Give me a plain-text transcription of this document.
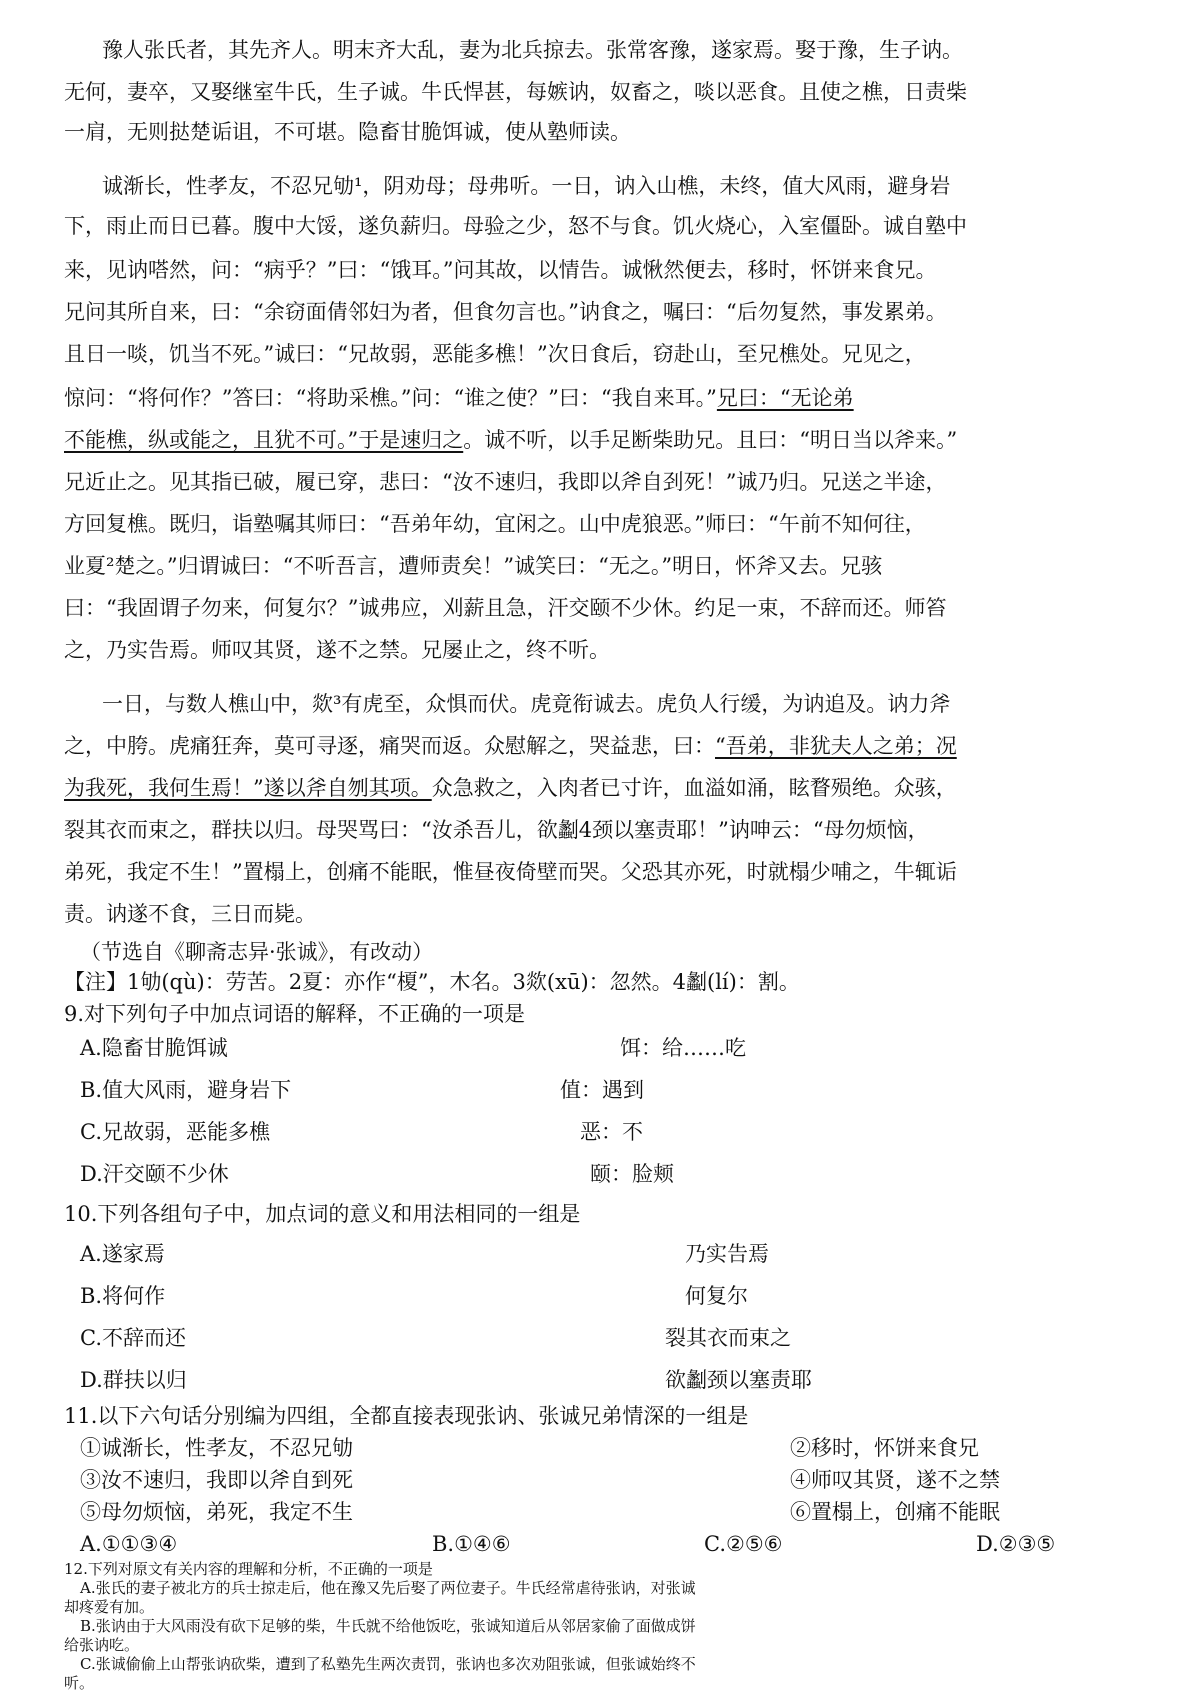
豫人张氏者，其先齐人。明末齐大乱，妻为北兵掠去。张常客豫，遂家焉。娶于豫，生子讷。
无何，妻卒，又娶继室牛氏，生子诚。牛氏悍甚，每嫉讷，奴畜之，啖以恶食。且使之樵，日责柴
一肩，无则挞楚诟诅，不可堪。隐畜甘脆饵诚，使从塾师读。
诚渐长，性孝友，不忍兄劬¹，阴劝母；母弗听。一日，讷入山樵，未终，值大风雨，避身岩
下，雨止而日已暮。腹中大馁，遂负薪归。母验之少，怒不与食。饥火烧心，入室僵卧。诚自塾中
来，见讷嗒然，问：“病乎？”曰：“饿耳。”问其故，以情告。诚愀然便去，移时，怀饼来食兄。
兄问其所自来，曰：“余窃面倩邻妇为者，但食勿言也。”讷食之，嘱曰：“后勿复然，事发累弟。
且日一啖，饥当不死。”诚曰：“兄故弱，恶能多樵！”次日食后，窃赴山，至兄樵处。兄见之，
惊问：“将何作？”答曰：“将助采樵。”问：“谁之使？”曰：“我自来耳。”兄曰：“无论弟
不能樵，纵或能之，且犹不可。”于是速归之。诚不听，以手足断柴助兄。且曰：“明日当以斧来。”
兄近止之。见其指已破，履已穿，悲曰：“汝不速归，我即以斧自刭死！”诚乃归。兄送之半途，
方回复樵。既归，诣塾嘱其师曰：“吾弟年幼，宜闲之。山中虎狼恶。”师曰：“午前不知何往，
业夏²楚之。”归谓诚曰：“不听吾言，遭师责矣！”诚笑曰：“无之。”明日，怀斧又去。兄骇
曰：“我固谓子勿来，何复尔？”诚弗应，刈薪且急，汗交颐不少休。约足一束，不辞而还。师笞
之，乃实告焉。师叹其贤，遂不之禁。兄屡止之，终不听。
一日，与数人樵山中，欻³有虎至，众惧而伏。虎竟衔诚去。虎负人行缓，为讷追及。讷力斧
之，中胯。虎痛狂奔，莫可寻逐，痛哭而返。众慰解之，哭益悲，曰：“吾弟，非犹夫人之弟；况
为我死，我何生焉！”遂以斧自刎其项。众急救之，入肉者已寸许，血溢如涌，眩瞀殒绝。众骇，
裂其衣而束之，群扶以归。母哭骂曰：“汝杀吾儿，欲劙4颈以塞责耶！”讷呻云：“母勿烦恼，
弟死，我定不生！”置榻上，创痛不能眠，惟昼夜倚壁而哭。父恐其亦死，时就榻少哺之，牛辄诟
责。讷遂不食，三日而毙。
（节选自《聊斋志异·张诚》，有改动）
【注】1劬(qù)：劳苦。2夏：亦作“榎”，木名。3欻(xū)：忽然。4劙(lí)：割。
9.对下列句子中加点词语的解释，不正确的一项是
A.隐畜甘脆饵诚	饵：给……吃
B.值大风雨，避身岩下	值：遇到
C.兄故弱，恶能多樵	恶：不
D.汗交颐不少休	颐：脸颊
10.下列各组句子中，加点词的意义和用法相同的一组是
A.遂家焉	乃实告焉
B.将何作	何复尔
C.不辞而还	裂其衣而束之
D.群扶以归	欲劙颈以塞责耶
11.以下六句话分别编为四组，全都直接表现张讷、张诚兄弟情深的一组是
①诚渐长，性孝友，不忍兄劬	②移时，怀饼来食兄
③汝不速归，我即以斧自到死	④师叹其贤，遂不之禁
⑤母勿烦恼，弟死，我定不生	⑥置榻上，创痛不能眠
A.①①③④	B.①④⑥	C.②⑤⑥	D.②③⑤
12.下列对原文有关内容的理解和分析，不正确的一项是
A.张氏的妻子被北方的兵士掠走后，他在豫又先后娶了两位妻子。牛氏经常虐待张讷，对张诚
却疼爱有加。
B.张讷由于大风雨没有砍下足够的柴，牛氏就不给他饭吃，张诚知道后从邻居家偷了面做成饼
给张讷吃。
C.张诚偷偷上山帮张讷砍柴，遭到了私塾先生两次责罚，张讷也多次劝阻张诚，但张诚始终不
听。
